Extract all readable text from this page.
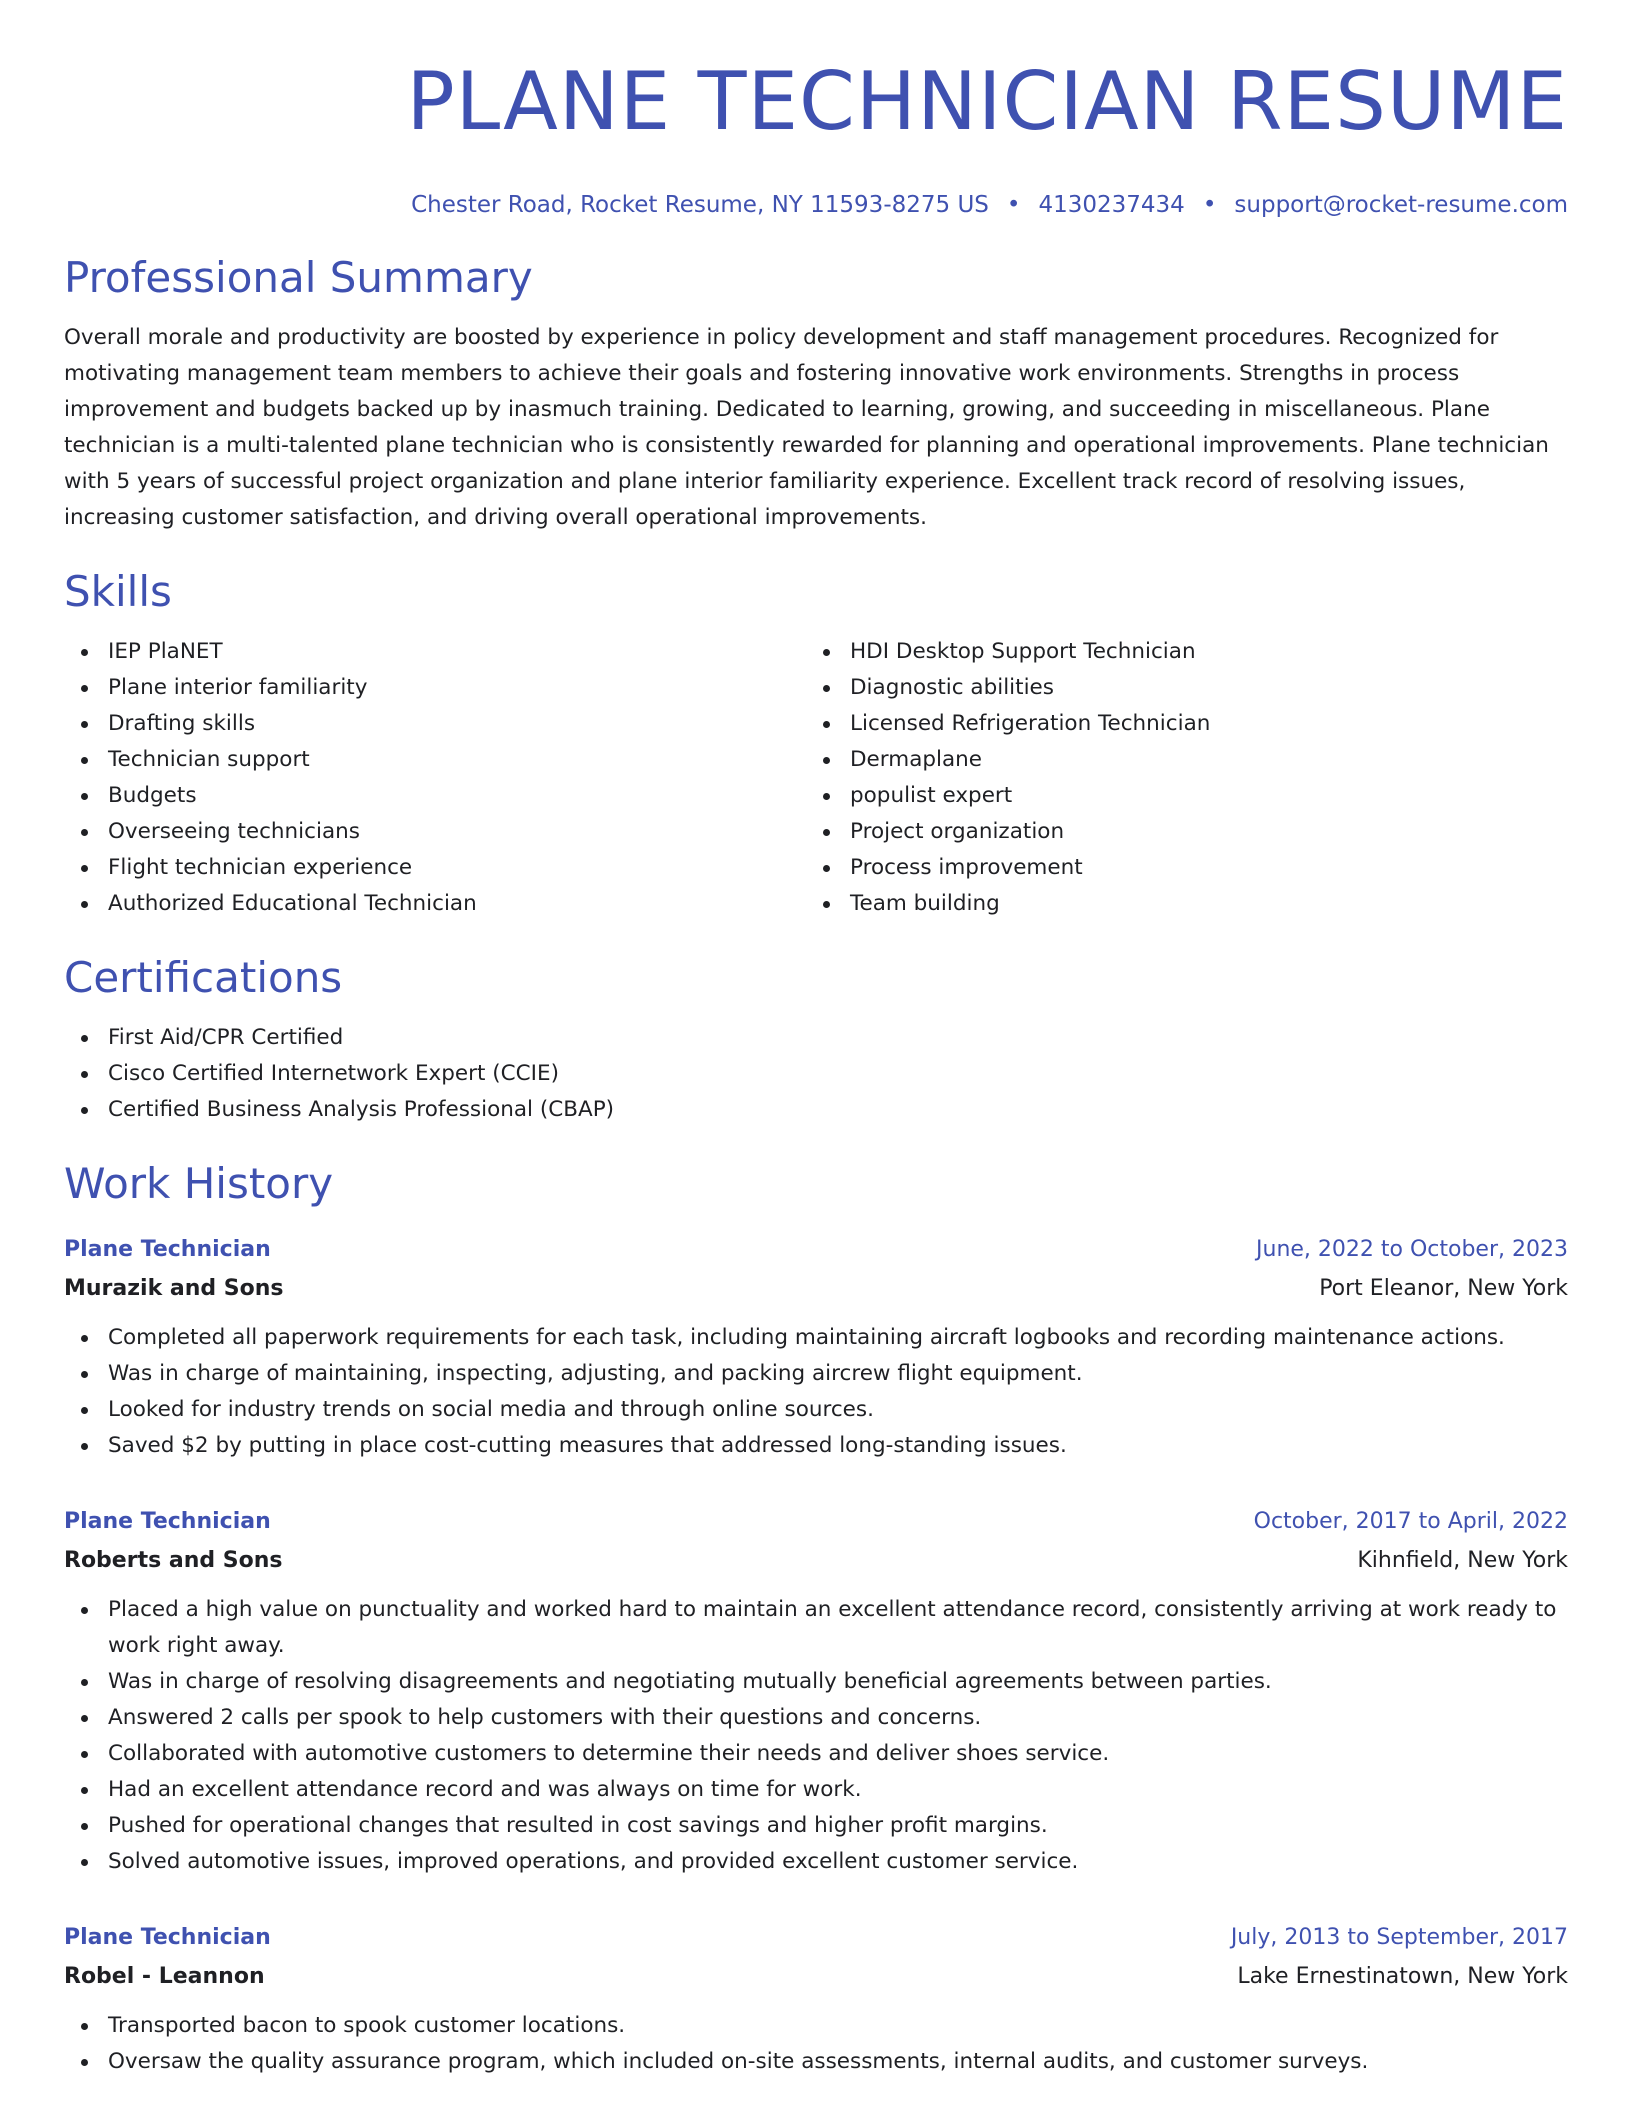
PLANE TECHNICIAN RESUME
Chester Road, Rocket Resume, NY 11593-8275 US • 4130237434 • support@rocket-resume.com
Professional Summary
Overall morale and productivity are boosted by experience in policy development and staff management procedures. Recognized for motivating management team members to achieve their goals and fostering innovative work environments. Strengths in process improvement and budgets backed up by inasmuch training. Dedicated to learning, growing, and succeeding in miscellaneous. Plane technician is a multi-talented plane technician who is consistently rewarded for planning and operational improvements. Plane technician with 5 years of successful project organization and plane interior familiarity experience. Excellent track record of resolving issues, increasing customer satisfaction, and driving overall operational improvements.
Skills
IEP PlaNET
Plane interior familiarity
Drafting skills
Technician support
Budgets
Overseeing technicians
Flight technician experience
Authorized Educational Technician
HDI Desktop Support Technician
Diagnostic abilities
Licensed Refrigeration Technician
Dermaplane
populist expert
Project organization
Process improvement
Team building
Certifications
First Aid/CPR Certified
Cisco Certified Internetwork Expert (CCIE)
Certified Business Analysis Professional (CBAP)
Work History
Plane Technician	June, 2022 to October, 2023
Murazik and Sons	Port Eleanor, New York
Completed all paperwork requirements for each task, including maintaining aircraft logbooks and recording maintenance actions.
Was in charge of maintaining, inspecting, adjusting, and packing aircrew flight equipment.
Looked for industry trends on social media and through online sources.
Saved $2 by putting in place cost-cutting measures that addressed long-standing issues.
Plane Technician	October, 2017 to April, 2022
Roberts and Sons	Kihnfield, New York
Placed a high value on punctuality and worked hard to maintain an excellent attendance record, consistently arriving at work ready to work right away.
Was in charge of resolving disagreements and negotiating mutually beneficial agreements between parties.
Answered 2 calls per spook to help customers with their questions and concerns.
Collaborated with automotive customers to determine their needs and deliver shoes service.
Had an excellent attendance record and was always on time for work.
Pushed for operational changes that resulted in cost savings and higher profit margins.
Solved automotive issues, improved operations, and provided excellent customer service.
Plane Technician	July, 2013 to September, 2017
Robel - Leannon	Lake Ernestinatown, New York
Transported bacon to spook customer locations.
Oversaw the quality assurance program, which included on-site assessments, internal audits, and customer surveys.
